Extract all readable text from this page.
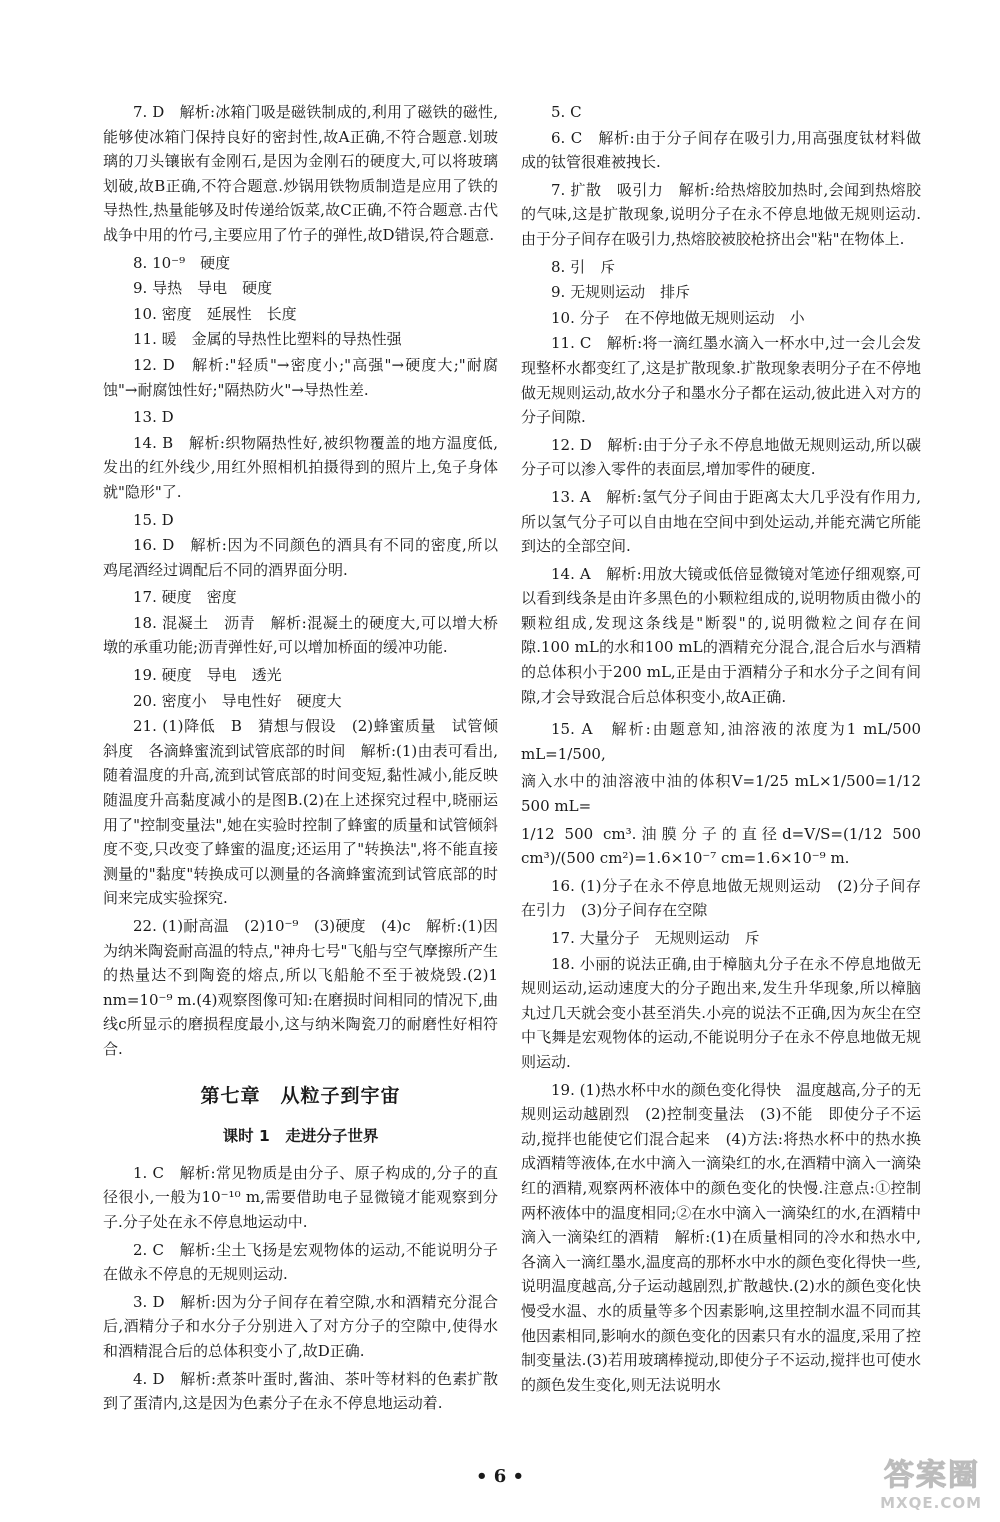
7. D　解析:冰箱门吸是磁铁制成的,利用了磁铁的磁性,能够使冰箱门保持良好的密封性,故A正确,不符合题意.划玻璃的刀头镶嵌有金刚石,是因为金刚石的硬度大,可以将玻璃划破,故B正确,不符合题意.炒锅用铁物质制造是应用了铁的导热性,热量能够及时传递给饭菜,故C正确,不符合题意.古代战争中用的竹弓,主要应用了竹子的弹性,故D错误,符合题意.

8. 10⁻⁹　硬度

9. 导热　导电　硬度

10. 密度　延展性　长度

11. 暖　金属的导热性比塑料的导热性强

12. D　解析:"轻质"→密度小;"高强"→硬度大;"耐腐蚀"→耐腐蚀性好;"隔热防火"→导热性差.

13. D

14. B　解析:织物隔热性好,被织物覆盖的地方温度低,发出的红外线少,用红外照相机拍摄得到的照片上,兔子身体就"隐形"了.

15. D

16. D　解析:因为不同颜色的酒具有不同的密度,所以鸡尾酒经过调配后不同的酒界面分明.

17. 硬度　密度

18. 混凝土　沥青　解析:混凝土的硬度大,可以增大桥墩的承重功能;沥青弹性好,可以增加桥面的缓冲功能.

19. 硬度　导电　透光

20. 密度小　导电性好　硬度大

21. (1)降低　B　猜想与假设　(2)蜂蜜质量　试管倾斜度　各滴蜂蜜流到试管底部的时间　解析:(1)由表可看出,随着温度的升高,流到试管底部的时间变短,黏性减小,能反映随温度升高黏度减小的是图B.(2)在上述探究过程中,晓丽运用了"控制变量法",她在实验时控制了蜂蜜的质量和试管倾斜度不变,只改变了蜂蜜的温度;还运用了"转换法",将不能直接测量的"黏度"转换成可以测量的各滴蜂蜜流到试管底部的时间来完成实验探究.

22. (1)耐高温　(2)10⁻⁹　(3)硬度　(4)c　解析:(1)因为纳米陶瓷耐高温的特点,"神舟七号"飞船与空气摩擦所产生的热量达不到陶瓷的熔点,所以飞船舱不至于被烧毁.(2)1 nm=10⁻⁹ m.(4)观察图像可知:在磨损时间相同的情况下,曲线c所显示的磨损程度最小,这与纳米陶瓷刀的耐磨性好相符合.

第七章　从粒子到宇宙
课时 1　走进分子世界

1. C　解析:常见物质是由分子、原子构成的,分子的直径很小,一般为10⁻¹⁰ m,需要借助电子显微镜才能观察到分子.分子处在永不停息地运动中.

2. C　解析:尘土飞扬是宏观物体的运动,不能说明分子在做永不停息的无规则运动.

3. D　解析:因为分子间存在着空隙,水和酒精充分混合后,酒精分子和水分子分别进入了对方分子的空隙中,使得水和酒精混合后的总体积变小了,故D正确.

4. D　解析:煮茶叶蛋时,酱油、茶叶等材料的色素扩散到了蛋清内,这是因为色素分子在永不停息地运动着.

5. C

6. C　解析:由于分子间存在吸引力,用高强度钛材料做成的钛管很难被拽长.

7. 扩散　吸引力　解析:给热熔胶加热时,会闻到热熔胶的气味,这是扩散现象,说明分子在永不停息地做无规则运动.由于分子间存在吸引力,热熔胶被胶枪挤出会"粘"在物体上.

8. 引　斥

9. 无规则运动　排斥

10. 分子　在不停地做无规则运动　小

11. C　解析:将一滴红墨水滴入一杯水中,过一会儿会发现整杯水都变红了,这是扩散现象.扩散现象表明分子在不停地做无规则运动,故水分子和墨水分子都在运动,彼此进入对方的分子间隙.

12. D　解析:由于分子永不停息地做无规则运动,所以碳分子可以渗入零件的表面层,增加零件的硬度.

13. A　解析:氢气分子间由于距离太大几乎没有作用力,所以氢气分子可以自由地在空间中到处运动,并能充满它所能到达的全部空间.

14. A　解析:用放大镜或低倍显微镜对笔迹仔细观察,可以看到线条是由许多黑色的小颗粒组成的,说明物质由微小的颗粒组成,发现这条线是"断裂"的,说明微粒之间存在间隙.100 mL的水和100 mL的酒精充分混合,混合后水与酒精的总体积小于200 mL,正是由于酒精分子和水分子之间有间隙,才会导致混合后总体积变小,故A正确.

15. A　解析:由题意知,油溶液的浓度为1 mL/500 mL=1/500,

滴入水中的油溶液中油的体积V=1/25 mL×1/500=1/12 500 mL=

1/12 500 cm³.油膜分子的直径d=V/S=(1/12 500 cm³)/(500 cm²)=1.6×10⁻⁷ cm=1.6×10⁻⁹ m.

16. (1)分子在永不停息地做无规则运动　(2)分子间存在引力　(3)分子间存在空隙

17. 大量分子　无规则运动　斥

18. 小丽的说法正确,由于樟脑丸分子在永不停息地做无规则运动,运动速度大的分子跑出来,发生升华现象,所以樟脑丸过几天就会变小甚至消失.小亮的说法不正确,因为灰尘在空中飞舞是宏观物体的运动,不能说明分子在永不停息地做无规则运动.

19. (1)热水杯中水的颜色变化得快　温度越高,分子的无规则运动越剧烈　(2)控制变量法　(3)不能　即使分子不运动,搅拌也能使它们混合起来　(4)方法:将热水杯中的热水换成酒精等液体,在水中滴入一滴染红的水,在酒精中滴入一滴染红的酒精,观察两杯液体中的颜色变化的快慢.注意点:①控制两杯液体中的温度相同;②在水中滴入一滴染红的水,在酒精中滴入一滴染红的酒精　解析:(1)在质量相同的冷水和热水中,各滴入一滴红墨水,温度高的那杯水中水的颜色变化得快一些,说明温度越高,分子运动越剧烈,扩散越快.(2)水的颜色变化快慢受水温、水的质量等多个因素影响,这里控制水温不同而其他因素相同,影响水的颜色变化的因素只有水的温度,采用了控制变量法.(3)若用玻璃棒搅动,即使分子不运动,搅拌也可使水的颜色发生变化,则无法说明水

• 6 •	答案圈
MXQE.COM
